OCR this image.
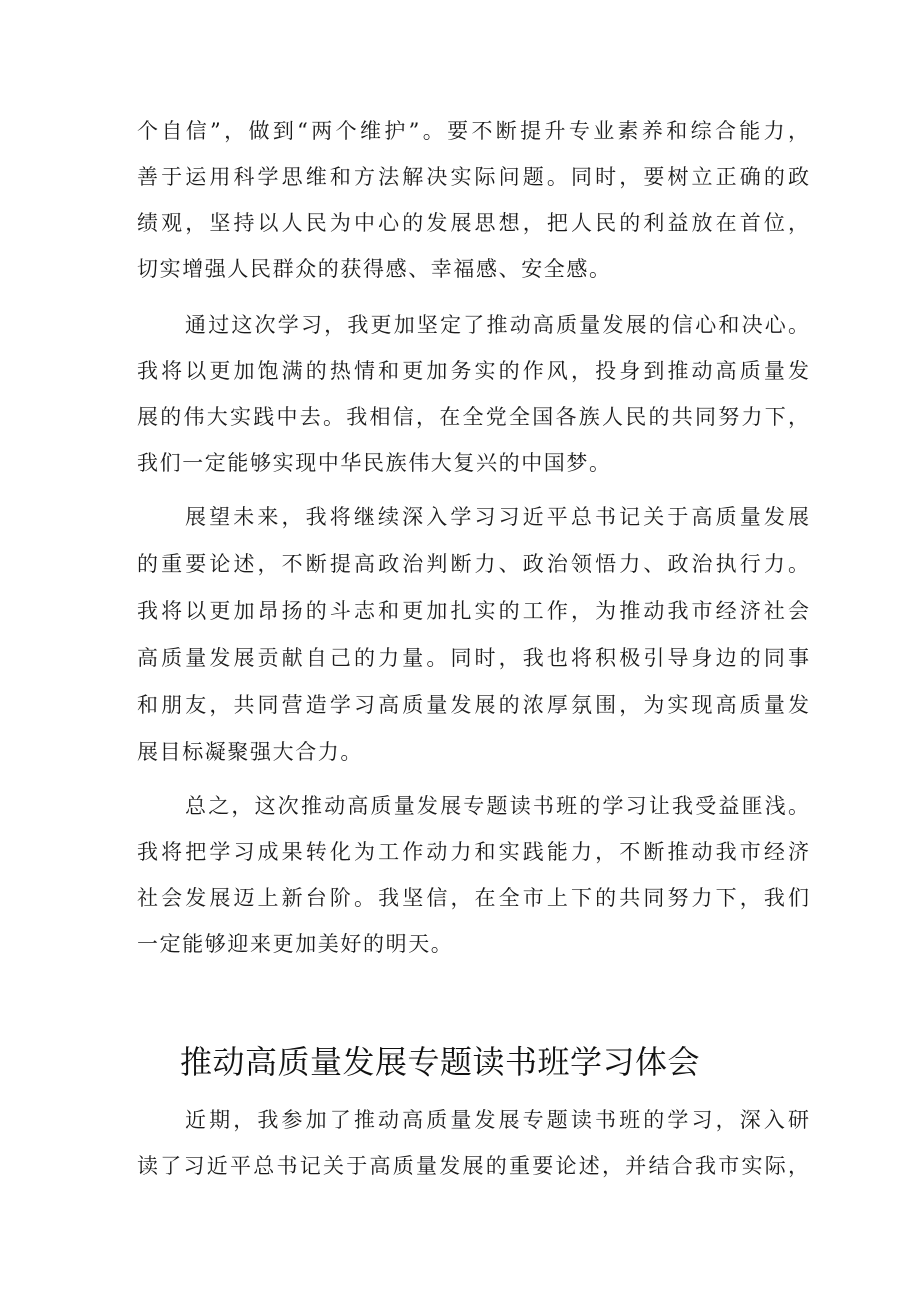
个自信”，做到“两个维护”。要不断提升专业素养和综合能力，
善于运用科学思维和方法解决实际问题。同时，要树立正确的政
绩观，坚持以人民为中心的发展思想，把人民的利益放在首位，
切实增强人民群众的获得感、幸福感、安全感。
通过这次学习，我更加坚定了推动高质量发展的信心和决心。
我将以更加饱满的热情和更加务实的作风，投身到推动高质量发
展的伟大实践中去。我相信，在全党全国各族人民的共同努力下，
我们一定能够实现中华民族伟大复兴的中国梦。
展望未来，我将继续深入学习习近平总书记关于高质量发展
的重要论述，不断提高政治判断力、政治领悟力、政治执行力。
我将以更加昂扬的斗志和更加扎实的工作，为推动我市经济社会
高质量发展贡献自己的力量。同时，我也将积极引导身边的同事
和朋友，共同营造学习高质量发展的浓厚氛围，为实现高质量发
展目标凝聚强大合力。
总之，这次推动高质量发展专题读书班的学习让我受益匪浅。
我将把学习成果转化为工作动力和实践能力，不断推动我市经济
社会发展迈上新台阶。我坚信，在全市上下的共同努力下，我们
一定能够迎来更加美好的明天。
推动高质量发展专题读书班学习体会
近期，我参加了推动高质量发展专题读书班的学习，深入研
读了习近平总书记关于高质量发展的重要论述，并结合我市实际，
